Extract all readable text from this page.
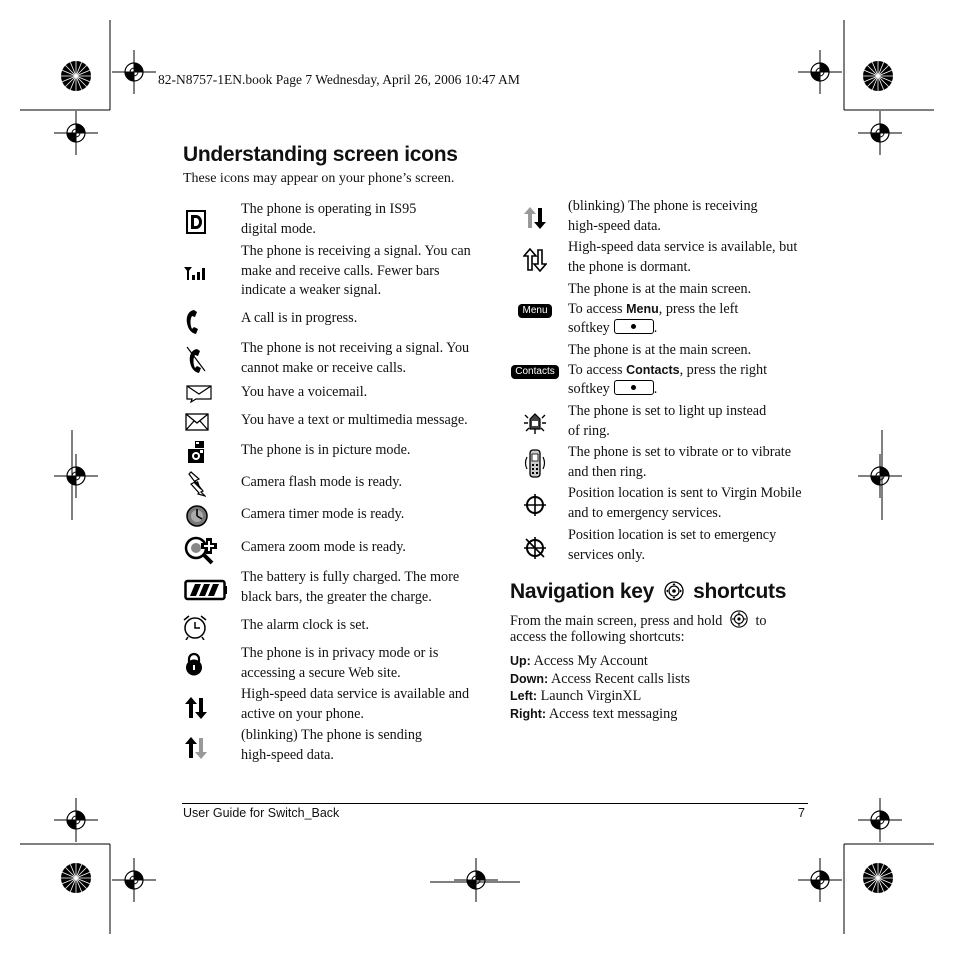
82-N8757-1EN.book Page 7 Wednesday, April 26, 2006 10:47 AM
Understanding screen icons
These icons may appear on your phone’s screen.
The phone is operating in IS95
digital mode.
The phone is receiving a signal. You can
make and receive calls. Fewer bars
indicate a weaker signal.
A call is in progress.
The phone is not receiving a signal. You
cannot make or receive calls.
You have a voicemail.
You have a text or multimedia message.
The phone is in picture mode.
Camera flash mode is ready.
Camera timer mode is ready.
Camera zoom mode is ready.
The battery is fully charged. The more
black bars, the greater the charge.
The alarm clock is set.
The phone is in privacy mode or is
accessing a secure Web site.
High-speed data service is available and
active on your phone.
(blinking) The phone is sending
high-speed data.
(blinking) The phone is receiving
high-speed data.
High-speed data service is available, but
the phone is dormant.
Menu
The phone is at the main screen.
To access Menu, press the left
softkey	.
Contacts
The phone is at the main screen.
To access Contacts, press the right
softkey	.
The phone is set to light up instead
of ring.
The phone is set to vibrate or to vibrate
and then ring.
Position location is sent to Virgin Mobile
and to emergency services.
Position location is set to emergency
services only.
Navigation key shortcuts
From the main screen, press and hold to
access the following shortcuts:
Up: Access My Account
Down: Access Recent calls lists
Left: Launch VirginXL
Right: Access text messaging
User Guide for Switch_Back	7
